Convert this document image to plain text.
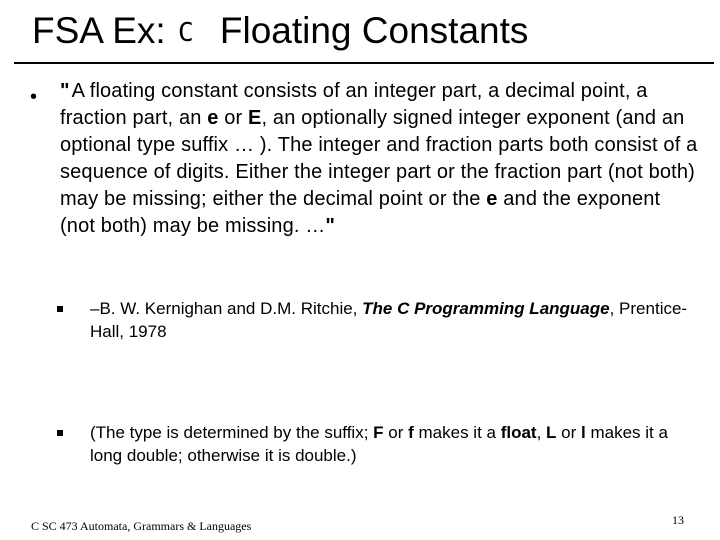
FSA Ex: C Floating Constants
• " A floating constant consists of an integer part, a decimal point, a fraction part, an e or E, an optionally signed integer exponent (and an optional type suffix … ). The integer and fraction parts both consist of a sequence of digits. Either the integer part or the fraction part (not both) may be missing; either the decimal point or the e and the exponent (not both) may be missing. …"
–B. W. Kernighan and D.M. Ritchie, The C Programming Language, Prentice-Hall, 1978
(The type is determined by the suffix; F or f makes it a float, L or l makes it a long double; otherwise it is double.)
C SC 473 Automata, Grammars & Languages	13
